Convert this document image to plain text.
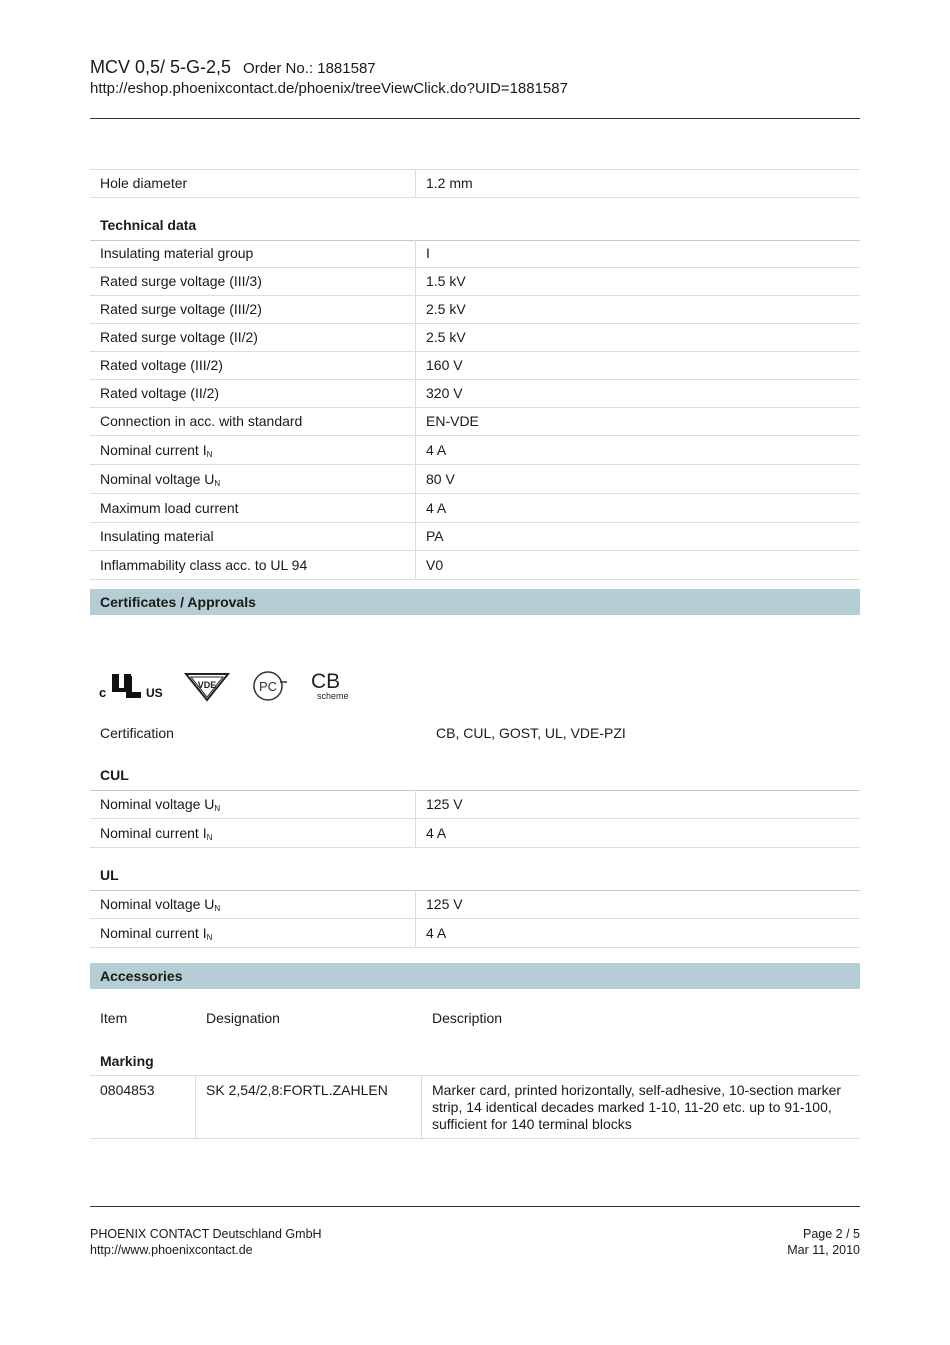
MCV 0,5/ 5-G-2,5 Order No.: 1881587
http://eshop.phoenixcontact.de/phoenix/treeViewClick.do?UID=1881587
Hole diameter	1.2 mm
Technical data
Insulating material group	I
Rated surge voltage (III/3)	1.5 kV
Rated surge voltage (III/2)	2.5 kV
Rated surge voltage (II/2)	2.5 kV
Rated voltage (III/2)	160 V
Rated voltage (II/2)	320 V
Connection in acc. with standard	EN-VDE
Nominal current $I_N$	4 A
Nominal voltage $U_N$	80 V
Maximum load current	4 A
Insulating material	PA
Inflammability class acc. to UL 94	V0
Certificates / Approvals
c	US
VDE	PC CB
scheme
Certification	CB, CUL, GOST, UL, VDE-PZI
CUL
Nominal voltage $U_N$	125 V
Nominal current $I_N$	4 A
UL
Nominal voltage $U_N$	125 V
Nominal current $I_N$	4 A
Accessories
Item	Designation	Description
Marking
0804853	SK 2,54/2,8:FORTL.ZAHLEN	Marker card, printed horizontally, self-adhesive, 10-section marker strip, 14 identical decades marked 1-10, 11-20 etc. up to 91-100, sufficient for 140 terminal blocks
PHOENIX CONTACT Deutschland GmbH
http://www.phoenixcontact.de
Page 2 / 5
Mar 11, 2010
